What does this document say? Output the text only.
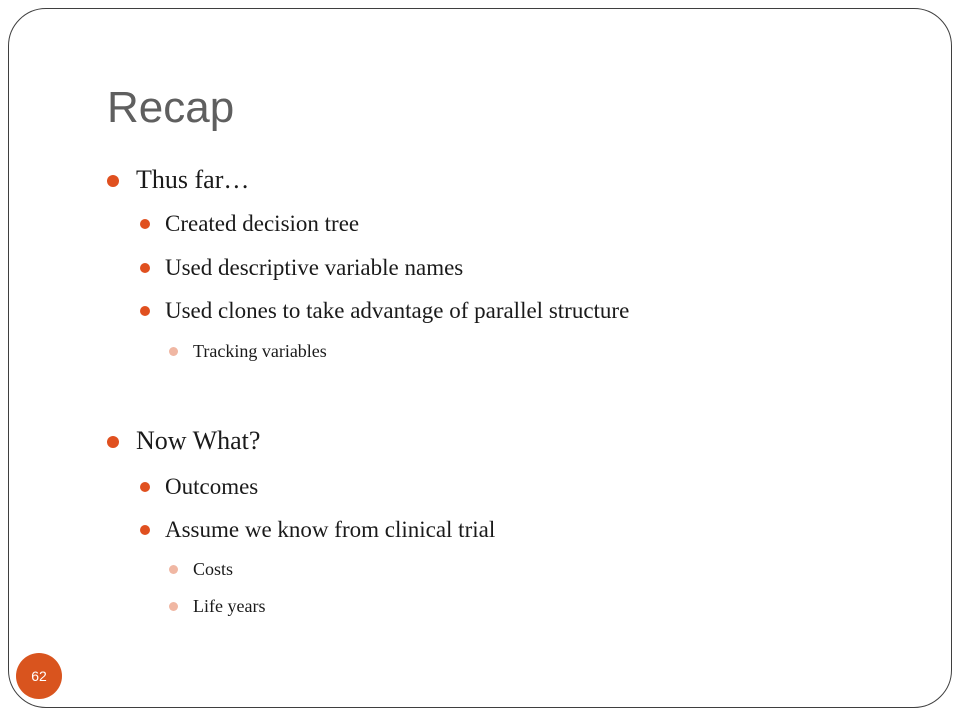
Recap
Thus far…
Created decision tree
Used descriptive variable names
Used clones to take advantage of parallel structure
Tracking variables
Now What?
Outcomes
Assume we know from clinical trial
Costs
Life years
62
